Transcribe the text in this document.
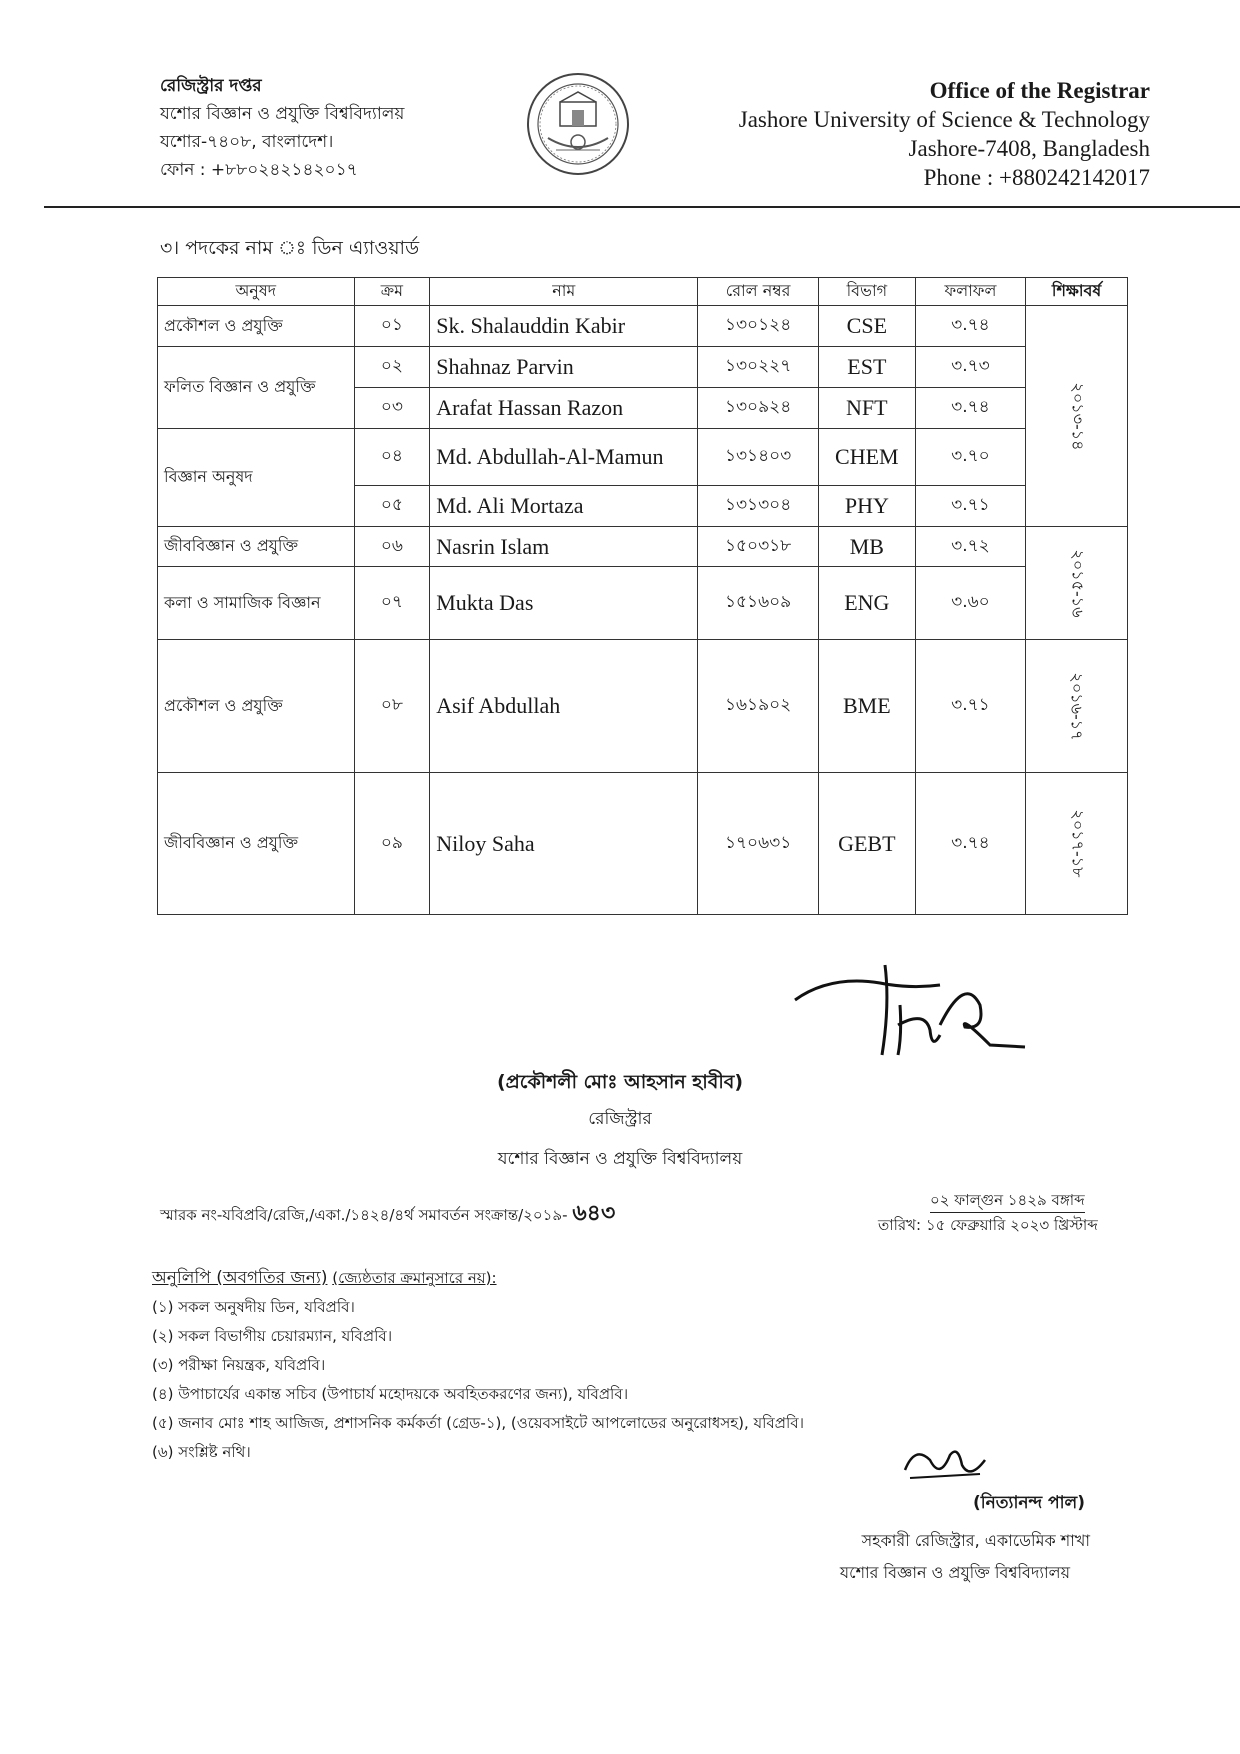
রেজিস্ট্রার দপ্তর
যশোর বিজ্ঞান ও প্রযুক্তি বিশ্ববিদ্যালয়
যশোর-৭৪০৮, বাংলাদেশ।
ফোন : +৮৮০২৪২১৪২০১৭
Office of the Registrar
Jashore University of Science & Technology
Jashore-7408, Bangladesh
Phone : +880242142017
৩। পদকের নাম ঃ ডিন এ্যাওয়ার্ড
অনুষদ	ক্রম	নাম	রোল নম্বর	বিভাগ	ফলাফল	শিক্ষাবর্ষ
প্রকৌশল ও প্রযুক্তি	০১	Sk. Shalauddin Kabir	১৩০১২৪	CSE	৩.৭৪	২০১৩-১৪
ফলিত বিজ্ঞান ও প্রযুক্তি	০২	Shahnaz Parvin	১৩০২২৭	EST	৩.৭৩	
	০৩	Arafat Hassan Razon	১৩০৯২৪	NFT	৩.৭৪	
বিজ্ঞান অনুষদ	০৪	Md. Abdullah-Al-Mamun	১৩১৪০৩	CHEM	৩.৭০	
	০৫	Md. Ali Mortaza	১৩১৩০৪	PHY	৩.৭১	
জীববিজ্ঞান ও প্রযুক্তি	০৬	Nasrin Islam	১৫০৩১৮	MB	৩.৭২	২০১৫-১৬
কলা ও সামাজিক বিজ্ঞান	০৭	Mukta Das	১৫১৬০৯	ENG	৩.৬০	
প্রকৌশল ও প্রযুক্তি	০৮	Asif Abdullah	১৬১৯০২	BME	৩.৭১	২০১৬-১৭
জীববিজ্ঞান ও প্রযুক্তি	০৯	Niloy Saha	১৭০৬৩১	GEBT	৩.৭৪	২০১৭-১৮
(প্রকৌশলী মোঃ আহসান হাবীব)
রেজিস্ট্রার
যশোর বিজ্ঞান ও প্রযুক্তি বিশ্ববিদ্যালয়
স্মারক নং-যবিপ্রবি/রেজি,/একা./১৪২৪/৪র্থ সমাবর্তন সংক্রান্ত/২০১৯- ৬৪৩
০২ ফাল্গুন ১৪২৯ বঙ্গাব্দ
তারিখ: ১৫ ফেব্রুয়ারি ২০২৩ খ্রিস্টাব্দ
অনুলিপি (অবগতির জন্য) (জ্যেষ্ঠতার ক্রমানুসারে নয়):
(১) সকল অনুষদীয় ডিন, যবিপ্রবি।
(২) সকল বিভাগীয় চেয়ারম্যান, যবিপ্রবি।
(৩) পরীক্ষা নিয়ন্ত্রক, যবিপ্রবি।
(৪) উপাচার্যের একান্ত সচিব (উপাচার্য মহোদয়কে অবহিতকরণের জন্য), যবিপ্রবি।
(৫) জনাব মোঃ শাহ আজিজ, প্রশাসনিক কর্মকর্তা (গ্রেড-১), (ওয়েবসাইটে আপলোডের অনুরোধসহ), যবিপ্রবি।
(৬) সংশ্লিষ্ট নথি।
(নিত্যানন্দ পাল)
সহকারী রেজিস্ট্রার, একাডেমিক শাখা
যশোর বিজ্ঞান ও প্রযুক্তি বিশ্ববিদ্যালয়
